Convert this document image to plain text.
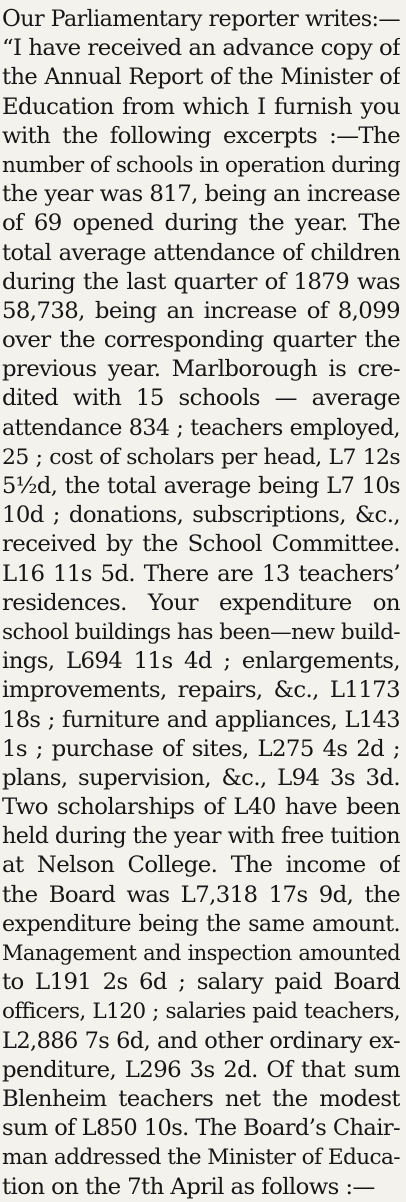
Our Parliamentary reporter writes:—
“I have received an advance copy of
the Annual Report of the Minister of
Education from which I furnish you
with the following excerpts :—The
number of schools in operation during
the year was 817, being an increase
of 69 opened during the year. The
total average attendance of children
during the last quarter of 1879 was
58,738, being an increase of 8,099
over the corresponding quarter the
previous year. Marlborough is cre-
dited with 15 schools — average
attendance 834 ; teachers employed,
25 ; cost of scholars per head, L7 12s
5½d, the total average being L7 10s
10d ; donations, subscriptions, &c.,
received by the School Committee.
L16 11s 5d. There are 13 teachers’
residences. Your expenditure on
school buildings has been—new build-
ings, L694 11s 4d ; enlargements,
improvements, repairs, &c., L1173
18s ; furniture and appliances, L143
1s ; purchase of sites, L275 4s 2d ;
plans, supervision, &c., L94 3s 3d.
Two scholarships of L40 have been
held during the year with free tuition
at Nelson College. The income of
the Board was L7,318 17s 9d, the
expenditure being the same amount.
Management and inspection amounted
to L191 2s 6d ; salary paid Board
officers, L120 ; salaries paid teachers,
L2,886 7s 6d, and other ordinary ex-
penditure, L296 3s 2d. Of that sum
Blenheim teachers net the modest
sum of L850 10s. The Board’s Chair-
man addressed the Minister of Educa-
tion on the 7th April as follows :—
